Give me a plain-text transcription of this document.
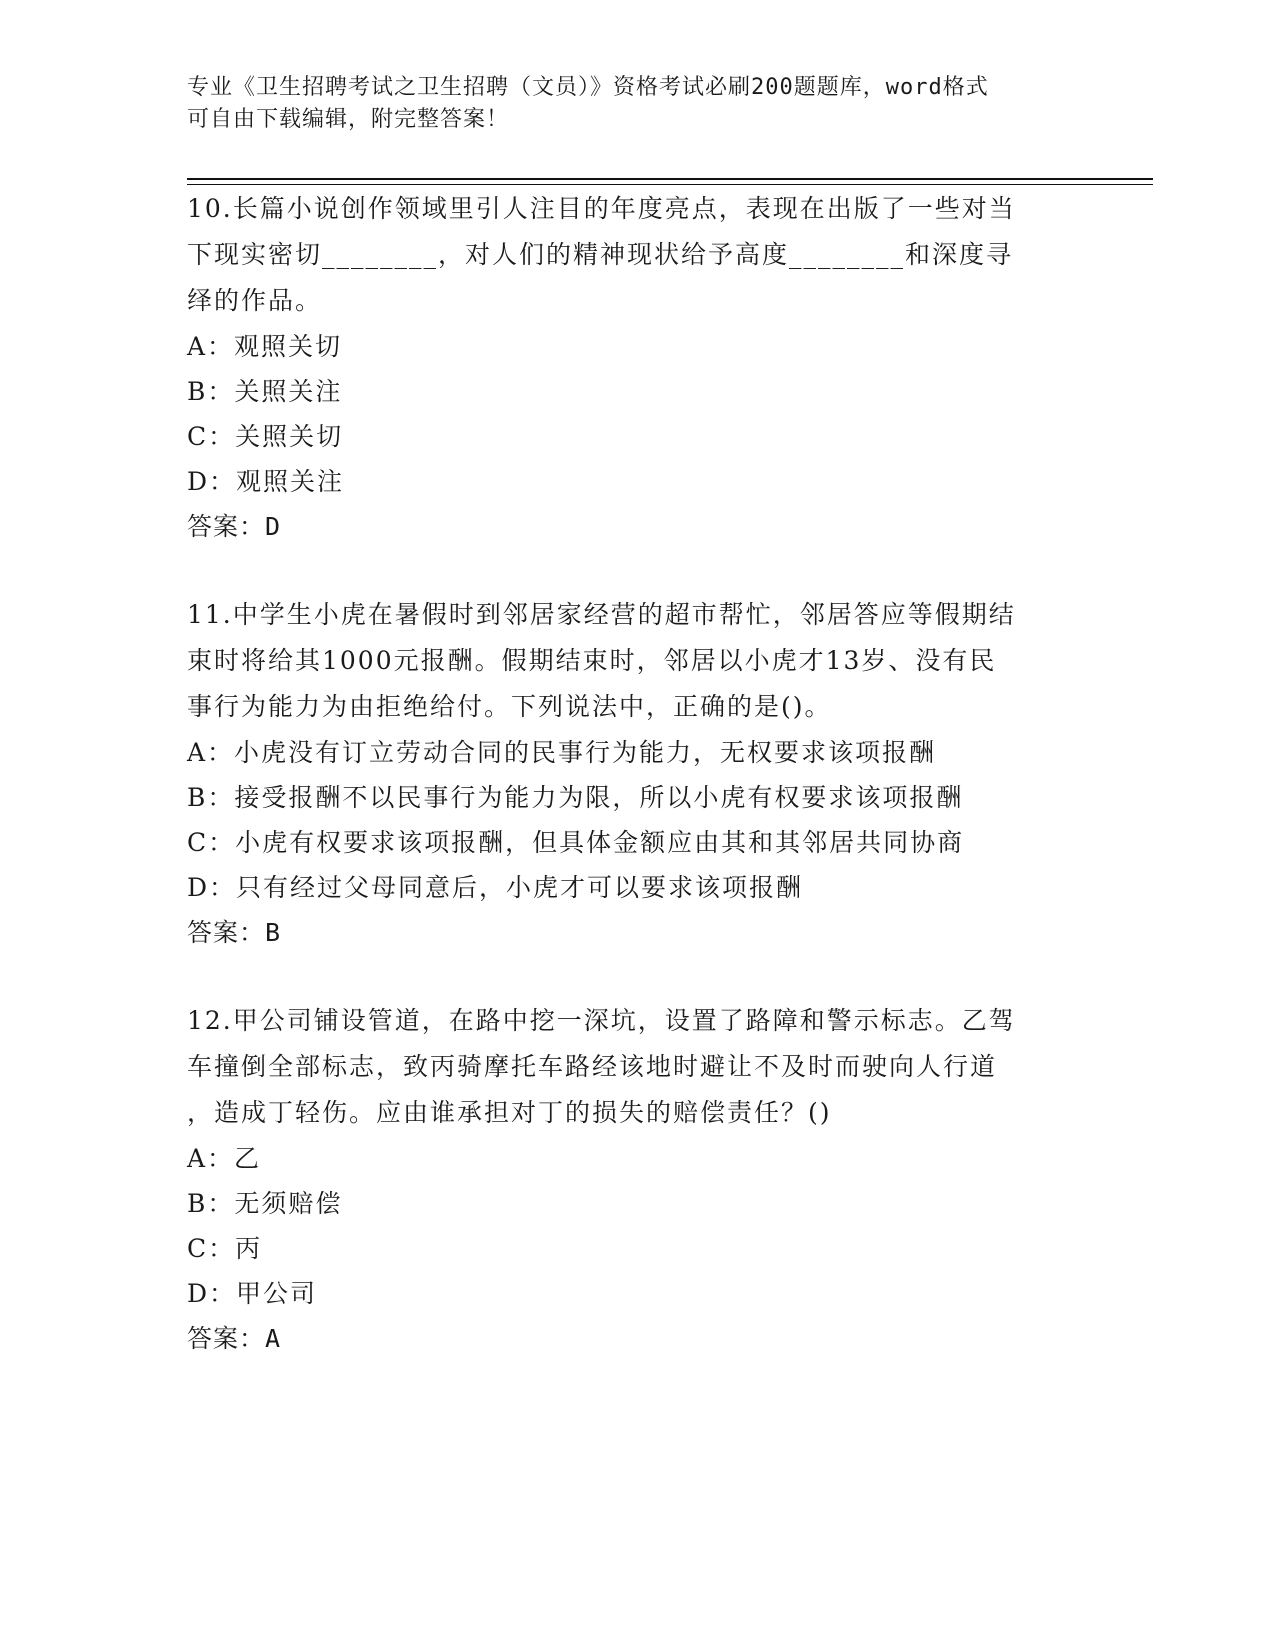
专业《卫生招聘考试之卫生招聘（文员）》资格考试必刷200题题库，word格式
可自由下载编辑，附完整答案！

10.长篇小说创作领域里引人注目的年度亮点，表现在出版了一些对当

下现实密切________，对人们的精神现状给予高度________和深度寻

绎的作品。

A：观照关切

B：关照关注

C：关照关切

D：观照关注

答案：D

11.中学生小虎在暑假时到邻居家经营的超市帮忙，邻居答应等假期结

束时将给其1000元报酬。假期结束时，邻居以小虎才13岁、没有民

事行为能力为由拒绝给付。下列说法中，正确的是()。

A：小虎没有订立劳动合同的民事行为能力，无权要求该项报酬

B：接受报酬不以民事行为能力为限，所以小虎有权要求该项报酬

C：小虎有权要求该项报酬，但具体金额应由其和其邻居共同协商

D：只有经过父母同意后，小虎才可以要求该项报酬

答案：B

12.甲公司铺设管道，在路中挖一深坑，设置了路障和警示标志。乙驾

车撞倒全部标志，致丙骑摩托车路经该地时避让不及时而驶向人行道

，造成丁轻伤。应由谁承担对丁的损失的赔偿责任？()

A：乙

B：无须赔偿

C：丙

D：甲公司

答案：A
